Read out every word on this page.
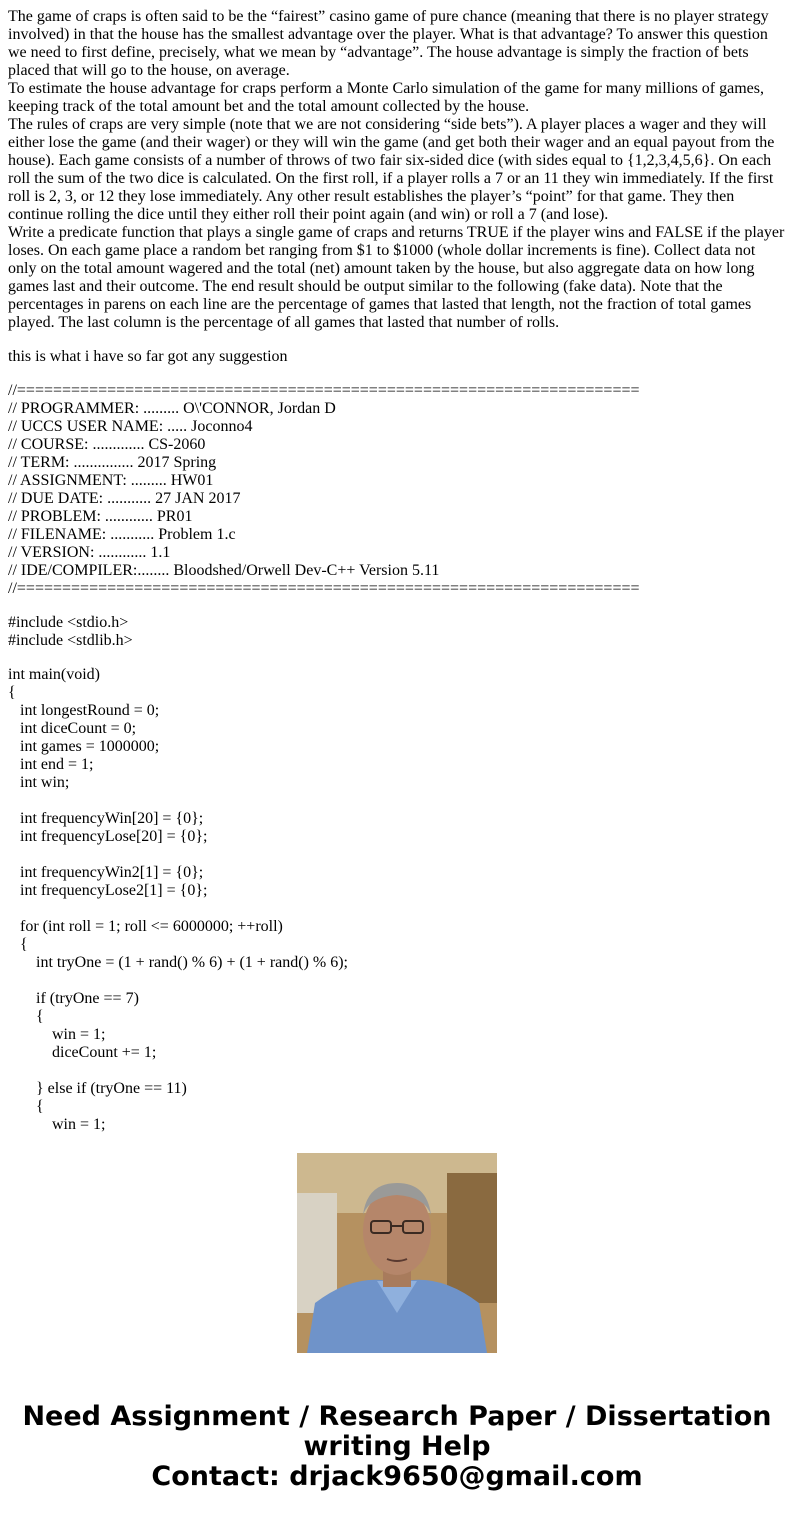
The game of craps is often said to be the “fairest” casino game of pure chance (meaning that there is no player strategy involved) in that the house has the smallest advantage over the player. What is that advantage? To answer this question we need to first define, precisely, what we mean by “advantage”. The house advantage is simply the fraction of bets placed that will go to the house, on average.

To estimate the house advantage for craps perform a Monte Carlo simulation of the game for many millions of games, keeping track of the total amount bet and the total amount collected by the house.

The rules of craps are very simple (note that we are not considering “side bets”). A player places a wager and they will either lose the game (and their wager) or they will win the game (and get both their wager and an equal payout from the house). Each game consists of a number of throws of two fair six-sided dice (with sides equal to {1,2,3,4,5,6}. On each roll the sum of the two dice is calculated. On the first roll, if a player rolls a 7 or an 11 they win immediately. If the first roll is 2, 3, or 12 they lose immediately. Any other result establishes the player’s “point” for that game. They then continue rolling the dice until they either roll their point again (and win) or roll a 7 (and lose).

Write a predicate function that plays a single game of craps and returns TRUE if the player wins and FALSE if the player loses. On each game place a random bet ranging from $1 to $1000 (whole dollar increments is fine). Collect data not only on the total amount wagered and the total (net) amount taken by the house, but also aggregate data on how long games last and their outcome. The end result should be output similar to the following (fake data). Note that the percentages in parens on each line are the percentage of games that lasted that length, not the fraction of total games played. The last column is the percentage of all games that lasted that number of rolls.

this is what i have so far got any suggestion

//=====================================================================
// PROGRAMMER: ......... O\'CONNOR, Jordan D
// UCCS USER NAME: ..... Joconno4
// COURSE: ............. CS-2060
// TERM: ............... 2017 Spring
// ASSIGNMENT: ......... HW01
// DUE DATE: ........... 27 JAN 2017
// PROBLEM: ............ PR01
// FILENAME: ........... Problem 1.c
// VERSION: ............ 1.1
// IDE/COMPILER:........ Bloodshed/Orwell Dev-C++ Version 5.11
//=====================================================================
#include <stdio.h>
#include <stdlib.h>
int main(void)
{
int longestRound = 0;
int diceCount = 0;
int games = 1000000;
int end = 1;
int win;
int frequencyWin[20] = {0};
int frequencyLose[20] = {0};
int frequencyWin2[1] = {0};
int frequencyLose2[1] = {0};
for (int roll = 1; roll <= 6000000; ++roll)
{
int tryOne = (1 + rand() % 6) + (1 + rand() % 6);
if (tryOne == 7)
{
win = 1;
diceCount += 1;
} else if (tryOne == 11)
{
win = 1;
Need Assignment / Research Paper / Dissertation
writing Help
Contact: drjack9650@gmail.com
